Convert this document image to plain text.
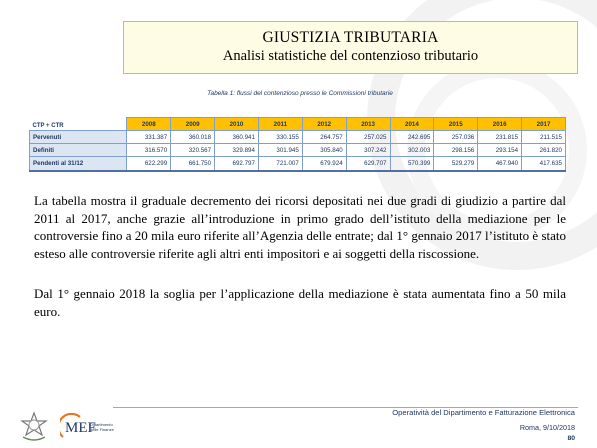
GIUSTIZIA TRIBUTARIA
Analisi statistiche del contenzioso tributario
Tabella 1: flussi del contenzioso presso le Commissioni tributarie
CTP + CTR	2008	2009	2010	2011	2012	2013	2014	2015	2016	2017
Pervenuti	331.387	360.018	360.941	330.155	264.757	257.025	242.695	257.036	231.815	211.515
Definiti	316.570	320.567	329.894	301.945	305.840	307.242	302.003	298.156	293.154	261.820
Pendenti al 31/12	622.299	661.750	692.797	721.007	679.924	629.707	570.399	529.279	467.940	417.635
La tabella mostra il graduale decremento dei ricorsi depositati nei due gradi di giudizio a partire dal 2011 al 2017, anche grazie all’introduzione in primo grado dell’istituto della mediazione per le controversie fino a 20 mila euro riferite all’Agenzia delle entrate; dal 1° gennaio 2017 l’istituto è stato esteso alle controversie riferite agli altri enti impositori e ai soggetti della riscossione.
Dal 1° gennaio 2018 la soglia per l’applicazione della mediazione è stata aumentata fino a 50 mila euro.
MEF
Dipartimento delle Finanze
Operatività del Dipartimento e Fatturazione Elettronica
Roma, 9/10/2018
80
